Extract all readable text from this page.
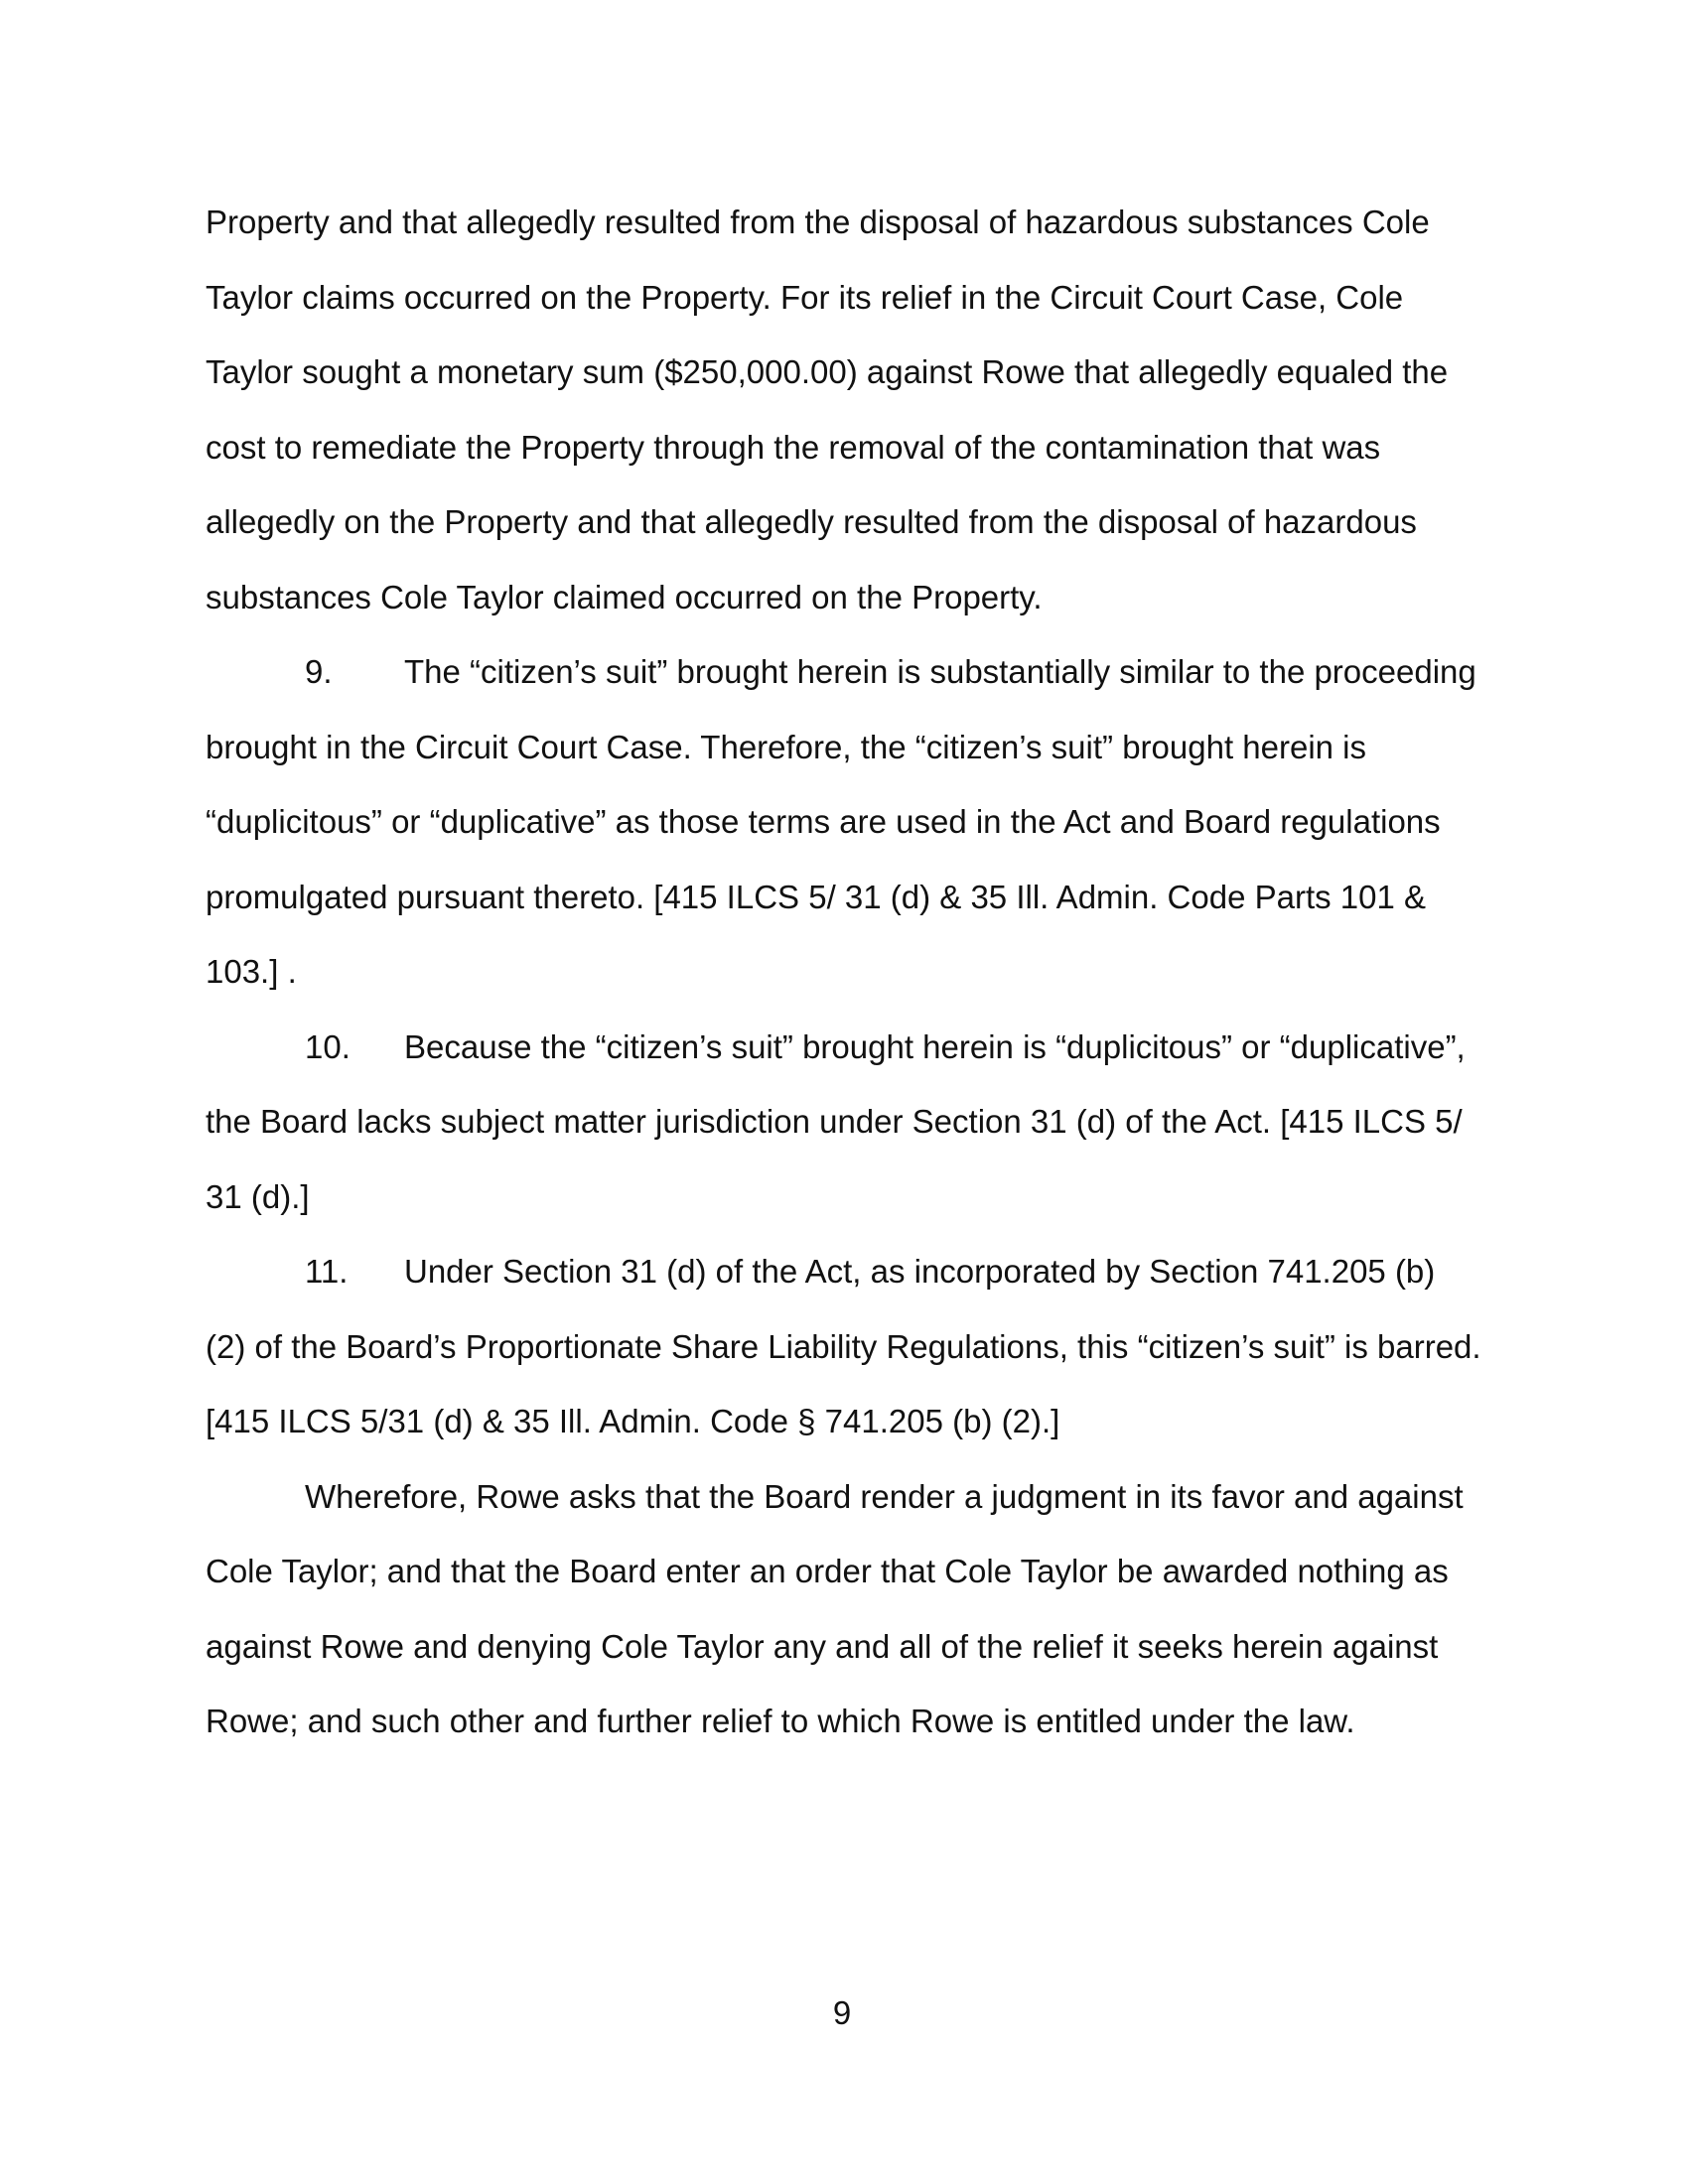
Property and that allegedly resulted from the disposal of hazardous substances Cole
Taylor claims occurred on the Property. For its relief in the Circuit Court Case, Cole
Taylor sought a monetary sum ($250,000.00) against Rowe that allegedly equaled the
cost to remediate the Property through the removal of the contamination that was
allegedly on the Property and that allegedly resulted from the disposal of hazardous
substances Cole Taylor claimed occurred on the Property.
9. The “citizen’s suit” brought herein is substantially similar to the proceeding
brought in the Circuit Court Case. Therefore, the “citizen’s suit” brought herein is
“duplicitous” or “duplicative” as those terms are used in the Act and Board regulations
promulgated pursuant thereto. [415 ILCS 5/ 31 (d) & 35 Ill. Admin. Code Parts 101 &
103.] .
10. Because the “citizen’s suit” brought herein is “duplicitous” or “duplicative”,
the Board lacks subject matter jurisdiction under Section 31 (d) of the Act. [415 ILCS 5/
31 (d).]
11. Under Section 31 (d) of the Act, as incorporated by Section 741.205 (b)
(2) of the Board’s Proportionate Share Liability Regulations, this “citizen’s suit” is barred.
[415 ILCS 5/31 (d) & 35 Ill. Admin. Code § 741.205 (b) (2).]
Wherefore, Rowe asks that the Board render a judgment in its favor and against
Cole Taylor; and that the Board enter an order that Cole Taylor be awarded nothing as
against Rowe and denying Cole Taylor any and all of the relief it seeks herein against
Rowe; and such other and further relief to which Rowe is entitled under the law.
9
